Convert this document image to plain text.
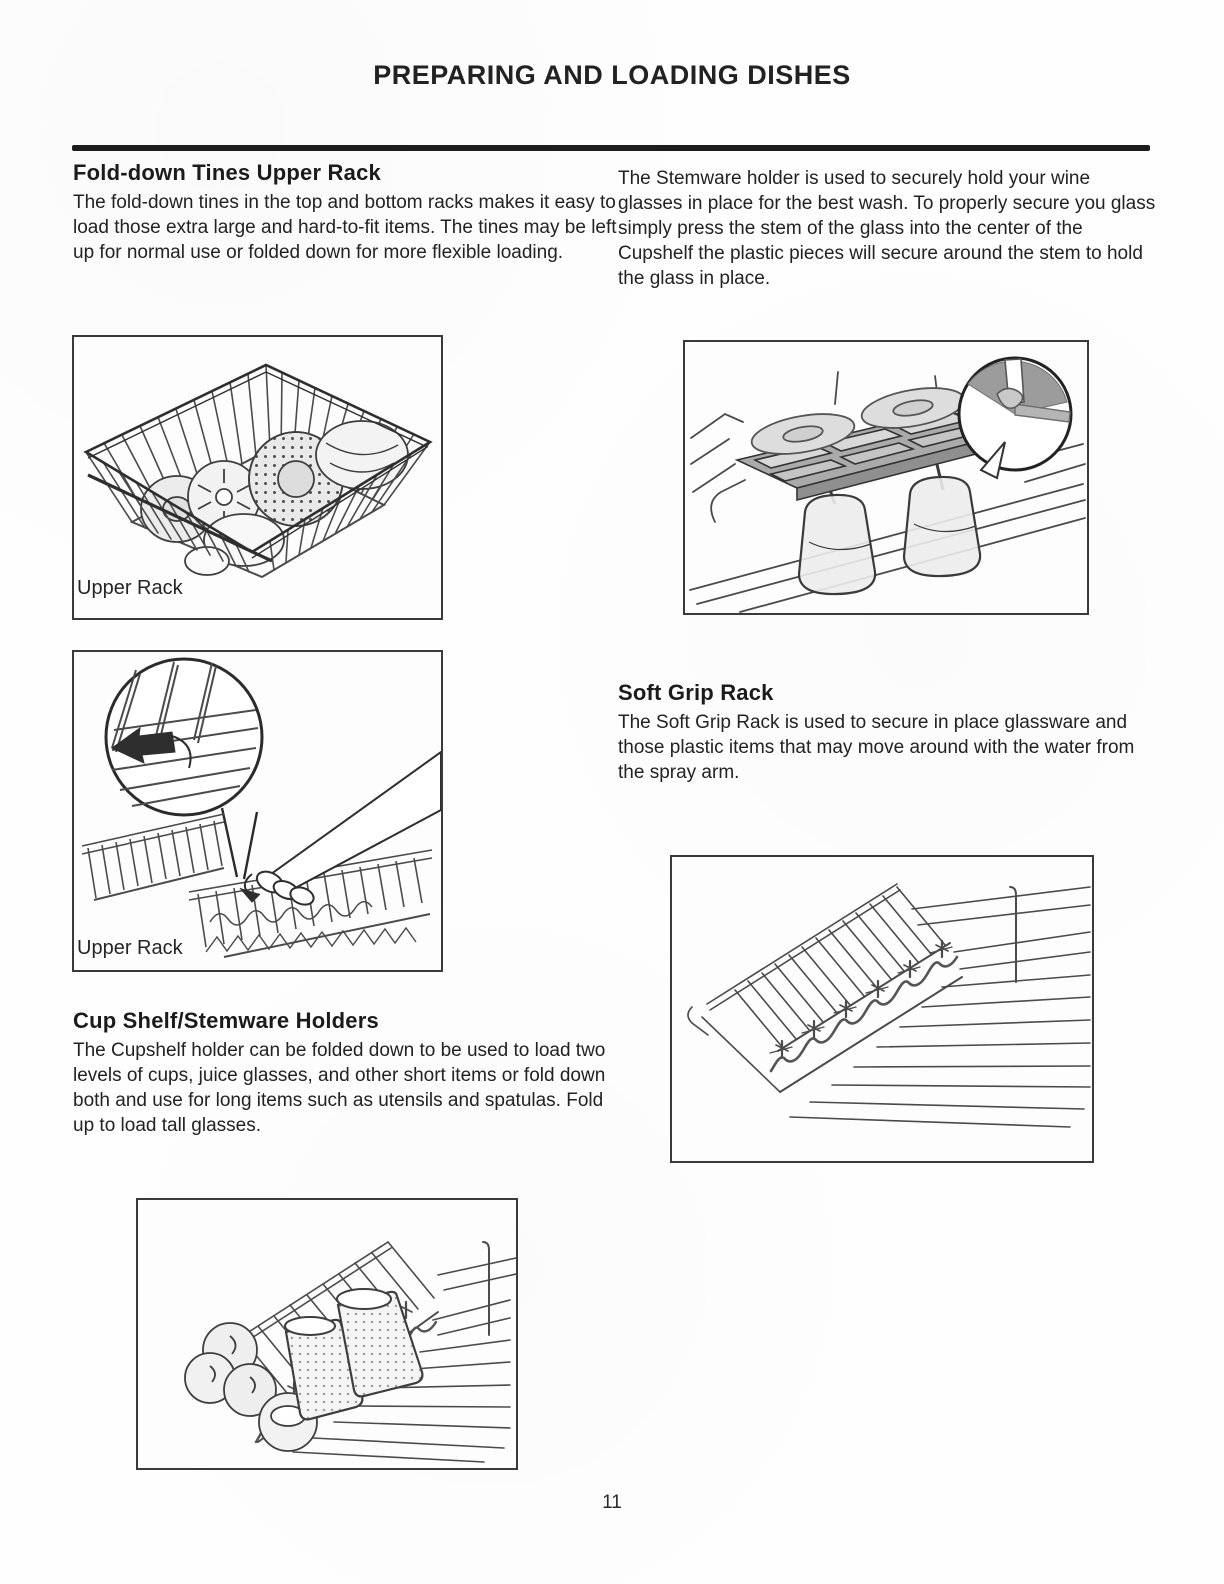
PREPARING AND LOADING DISHES
Fold-down Tines Upper Rack
The fold-down tines in the top and bottom racks makes it easy to load those extra large and hard-to-fit items. The tines may be left up for normal use or folded down for more flexible loading.
Upper Rack
Upper Rack
Cup Shelf/Stemware Holders
The Cupshelf holder can be folded down to be used to load two levels of cups, juice glasses, and other short items or fold down both and use for long items such as utensils and spatulas. Fold up to load tall glasses.
The Stemware holder is used to securely hold your wine glasses in place for the best wash. To properly secure you glass simply press the stem of the glass into the center of the Cupshelf the plastic pieces will secure around the stem to hold the glass in place.
Soft Grip Rack
The Soft Grip Rack is used to secure in place glassware and those plastic items that may move around with the water from the spray arm.
11
